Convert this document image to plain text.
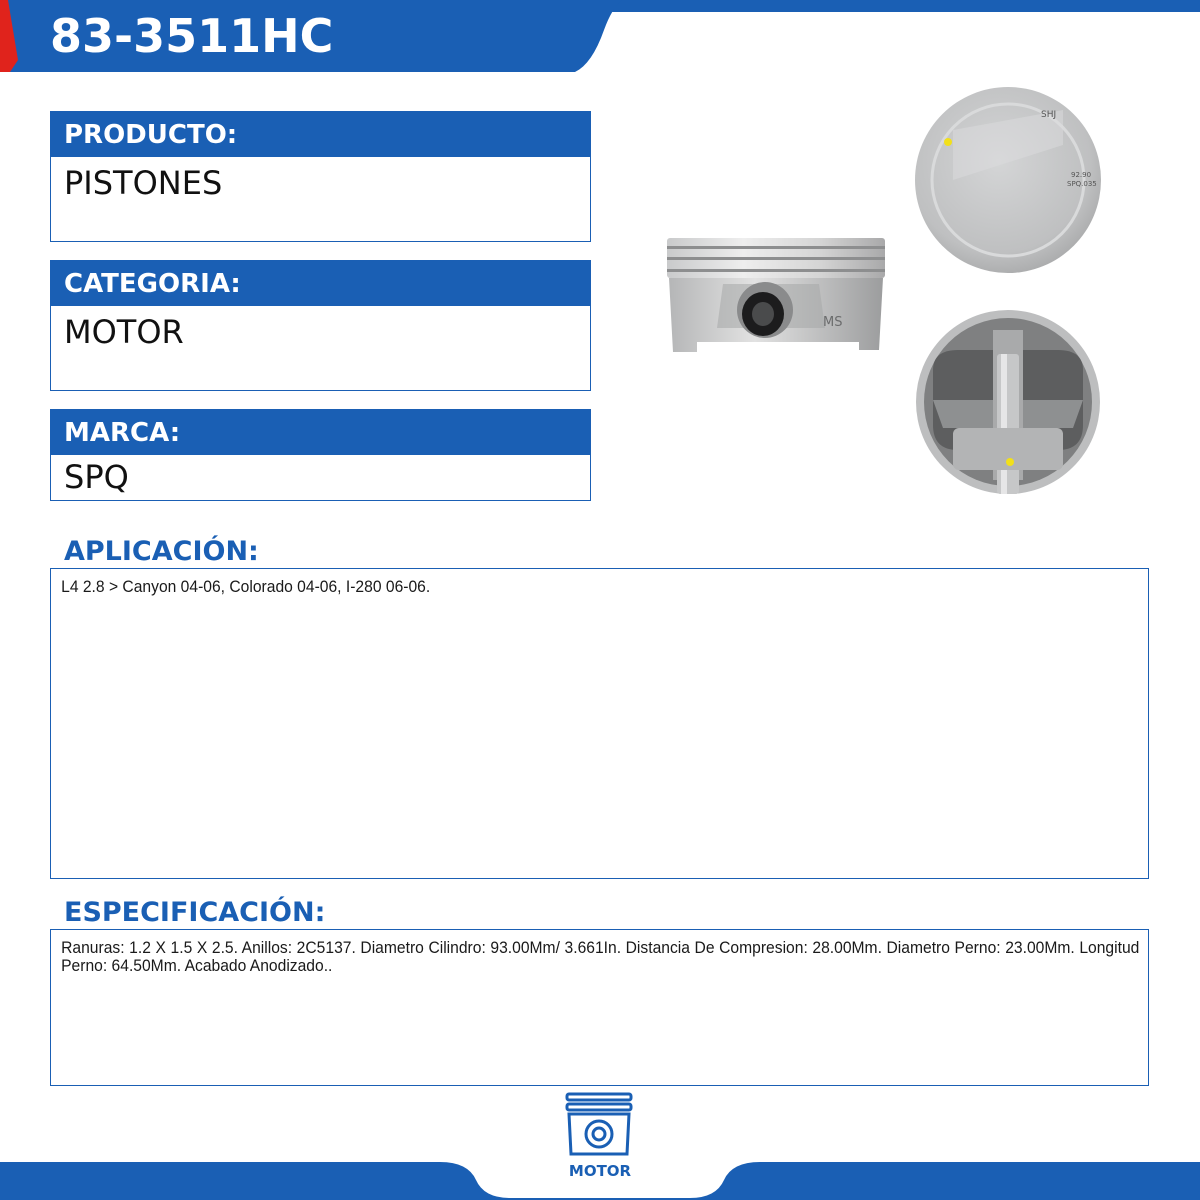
83-3511HC
PRODUCTO:
PISTONES
CATEGORIA:
MOTOR
MARCA:
SPQ
MS
SHJ
92.90
SPQ.035
APLICACIÓN:
L4 2.8 > Canyon 04-06, Colorado 04-06, I-280 06-06.
ESPECIFICACIÓN:
Ranuras: 1.2 X 1.5 X 2.5. Anillos: 2C5137. Diametro Cilindro: 93.00Mm/ 3.661In. Distancia De Compresion: 28.00Mm. Diametro Perno: 23.00Mm. Longitud Perno: 64.50Mm. Acabado Anodizado..
MOTOR
